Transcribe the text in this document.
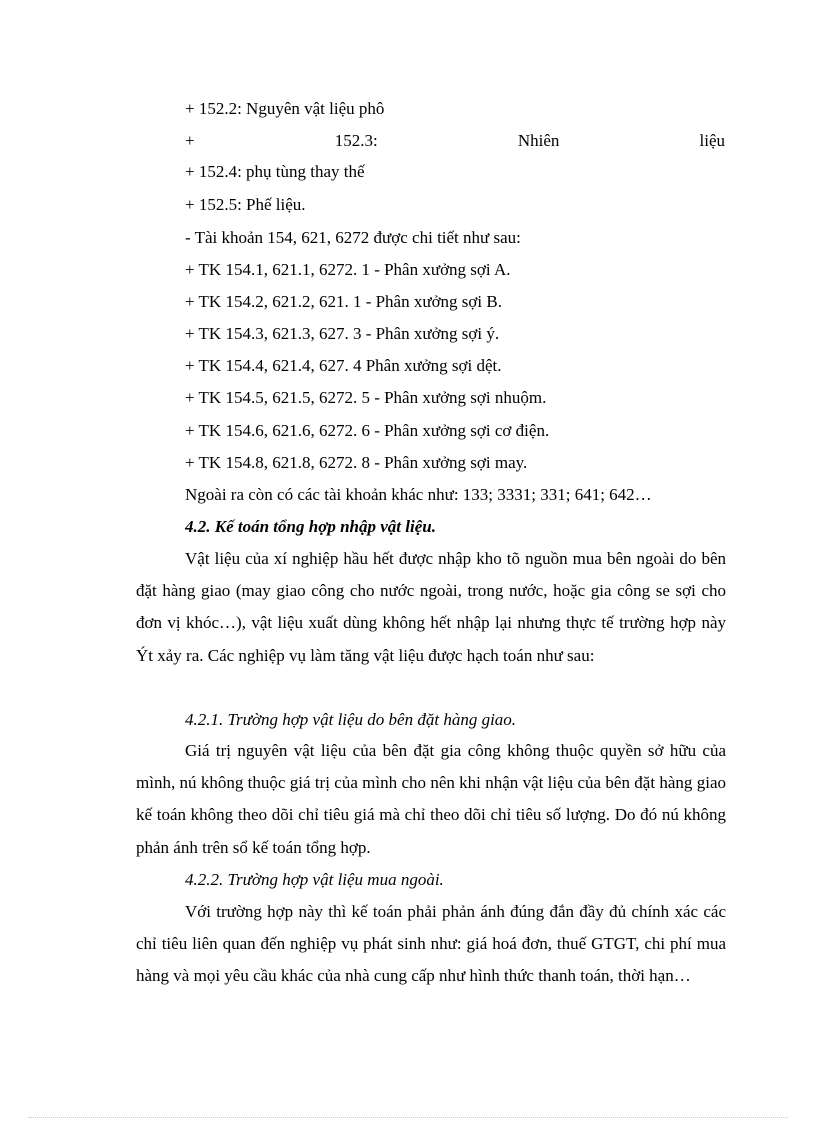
+ 152.2: Nguyên vật liệu phô
+	152.3:	Nhiên	liệu
+ 152.4: phụ tùng thay thế
+ 152.5: Phế liệu.
- Tài khoản 154, 621, 6272 được chi tiết như sau:
+ TK 154.1, 621.1, 6272. 1 - Phân xưởng sợi A.
+ TK 154.2, 621.2, 621. 1 - Phân xưởng sợi B.
+ TK 154.3, 621.3, 627. 3 - Phân xưởng sợi ý.
+ TK 154.4, 621.4, 627. 4 Phân xưởng sợi dệt.
+ TK 154.5, 621.5, 6272. 5 - Phân xưởng sợi nhuộm.
+ TK 154.6, 621.6, 6272. 6 - Phân xưởng sợi cơ điện.
+ TK 154.8, 621.8, 6272. 8 - Phân xưởng sợi may.
Ngoài ra còn có các tài khoản khác như: 133; 3331; 331; 641; 642…
4.2. Kế toán tổng hợp nhập vật liệu.

Vật liệu của xí nghiệp hầu hết được nhập kho tõ nguồn mua bên ngoài do bên đặt hàng giao (may giao công cho nước ngoài, trong nước, hoặc gia công se sợi cho đơn vị khóc…), vật liệu xuất dùng không hết nhập lại nhưng thực tế trường hợp này Ýt xảy ra. Các nghiệp vụ làm tăng vật liệu được hạch toán như sau:

4.2.1. Trường hợp vật liệu do bên đặt hàng giao.

Giá trị nguyên vật liệu của bên đặt gia công không thuộc quyền sở hữu của mình, nú không thuộc giá trị của mình cho nên khi nhận vật liệu của bên đặt hàng giao kế toán không theo dõi chỉ tiêu giá mà chỉ theo dõi chỉ tiêu số lượng. Do đó nú không phản ánh trên sổ kế toán tổng hợp.

4.2.2. Trường hợp vật liệu mua ngoài.

Với trường hợp này thì kế toán phải phản ánh đúng đắn đầy đủ chính xác các chỉ tiêu liên quan đến nghiệp vụ phát sinh như: giá hoá đơn, thuế GTGT, chi phí mua hàng và mọi yêu cầu khác của nhà cung cấp như hình thức thanh toán, thời hạn…
